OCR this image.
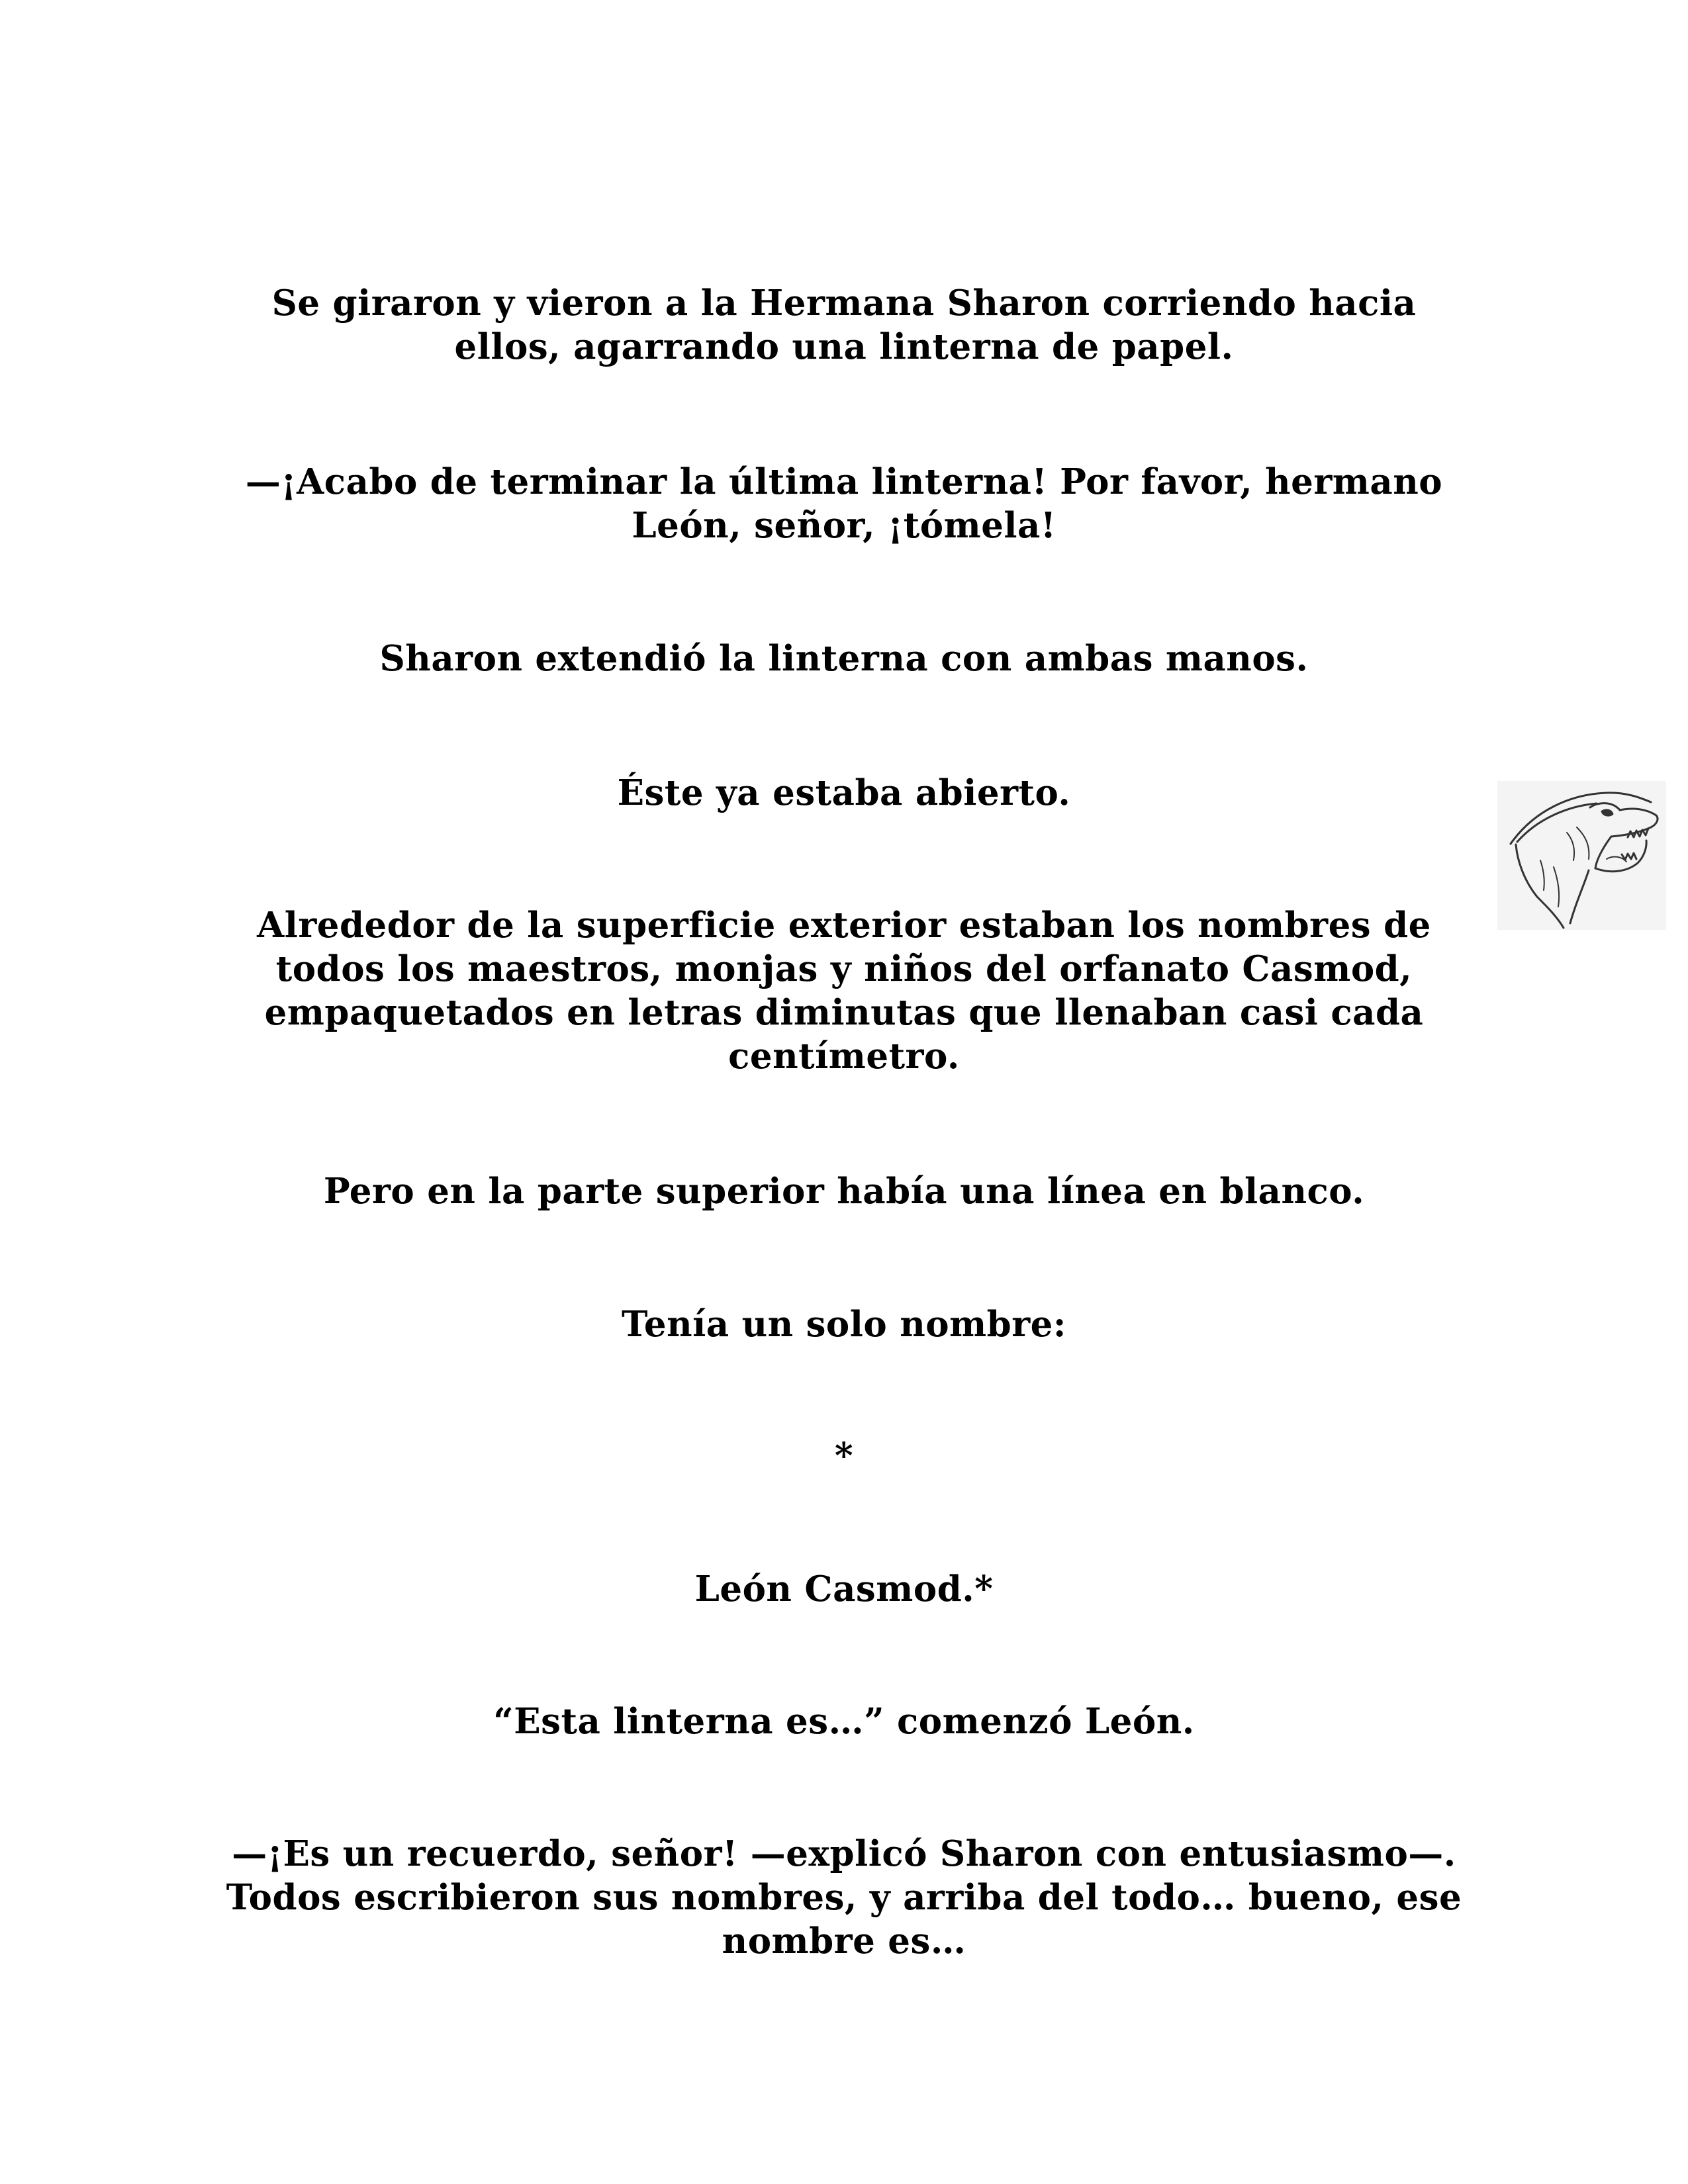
Se giraron y vieron a la Hermana Sharon corriendo hacia ellos, agarrando una linterna de papel.

—¡Acabo de terminar la última linterna! Por favor, hermano León, señor, ¡tómela!

Sharon extendió la linterna con ambas manos.

Éste ya estaba abierto.

Alrededor de la superficie exterior estaban los nombres de todos los maestros, monjas y niños del orfanato Casmod, empaquetados en letras diminutas que llenaban casi cada centímetro.

Pero en la parte superior había una línea en blanco.

Tenía un solo nombre:

*

León Casmod.*

“Esta linterna es…” comenzó León.

—¡Es un recuerdo, señor! —explicó Sharon con entusiasmo—. Todos escribieron sus nombres, y arriba del todo… bueno, ese nombre es…
